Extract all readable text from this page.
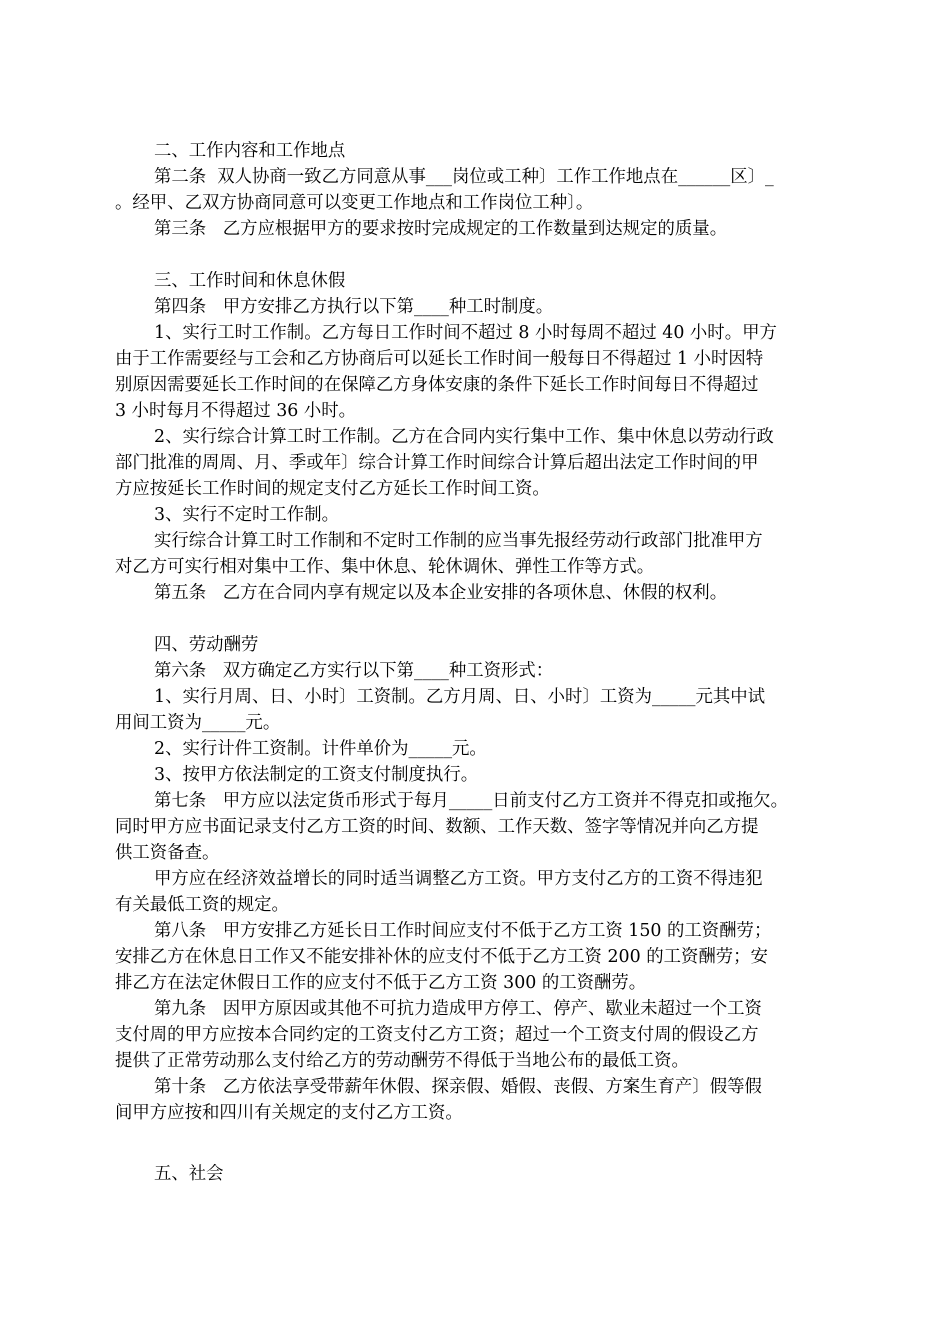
二、工作内容和工作地点
第二条  双人协商一致乙方同意从事___岗位或工种〕工作工作地点在______区〕_
。经甲、乙双方协商同意可以变更工作地点和工作岗位工种〕。
第三条   乙方应根据甲方的要求按时完成规定的工作数量到达规定的质量。
三、工作时间和休息休假
第四条   甲方安排乙方执行以下第____种工时制度。
1、实行工时工作制。乙方每日工作时间不超过 8 小时每周不超过 40 小时。甲方
由于工作需要经与工会和乙方协商后可以延长工作时间一般每日不得超过 1 小时因特
别原因需要延长工作时间的在保障乙方身体安康的条件下延长工作时间每日不得超过
3 小时每月不得超过 36 小时。
2、实行综合计算工时工作制。乙方在合同内实行集中工作、集中休息以劳动行政
部门批准的周周、月、季或年〕综合计算工作时间综合计算后超出法定工作时间的甲
方应按延长工作时间的规定支付乙方延长工作时间工资。
3、实行不定时工作制。
实行综合计算工时工作制和不定时工作制的应当事先报经劳动行政部门批准甲方
对乙方可实行相对集中工作、集中休息、轮休调休、弹性工作等方式。
第五条   乙方在合同内享有规定以及本企业安排的各项休息、休假的权利。
四、劳动酬劳
第六条   双方确定乙方实行以下第____种工资形式：
1、实行月周、日、小时〕工资制。乙方月周、日、小时〕工资为_____元其中试
用间工资为_____元。
2、实行计件工资制。计件单价为_____元。
3、按甲方依法制定的工资支付制度执行。
第七条   甲方应以法定货币形式于每月_____日前支付乙方工资并不得克扣或拖欠。
同时甲方应书面记录支付乙方工资的时间、数额、工作天数、签字等情况并向乙方提
供工资备查。
甲方应在经济效益增长的同时适当调整乙方工资。甲方支付乙方的工资不得违犯
有关最低工资的规定。
第八条   甲方安排乙方延长日工作时间应支付不低于乙方工资 150 的工资酬劳；
安排乙方在休息日工作又不能安排补休的应支付不低于乙方工资 200 的工资酬劳；安
排乙方在法定休假日工作的应支付不低于乙方工资 300 的工资酬劳。
第九条   因甲方原因或其他不可抗力造成甲方停工、停产、歇业未超过一个工资
支付周的甲方应按本合同约定的工资支付乙方工资；超过一个工资支付周的假设乙方
提供了正常劳动那么支付给乙方的劳动酬劳不得低于当地公布的最低工资。
第十条   乙方依法享受带薪年休假、探亲假、婚假、丧假、方案生育产〕假等假
间甲方应按和四川有关规定的支付乙方工资。
五、社会
